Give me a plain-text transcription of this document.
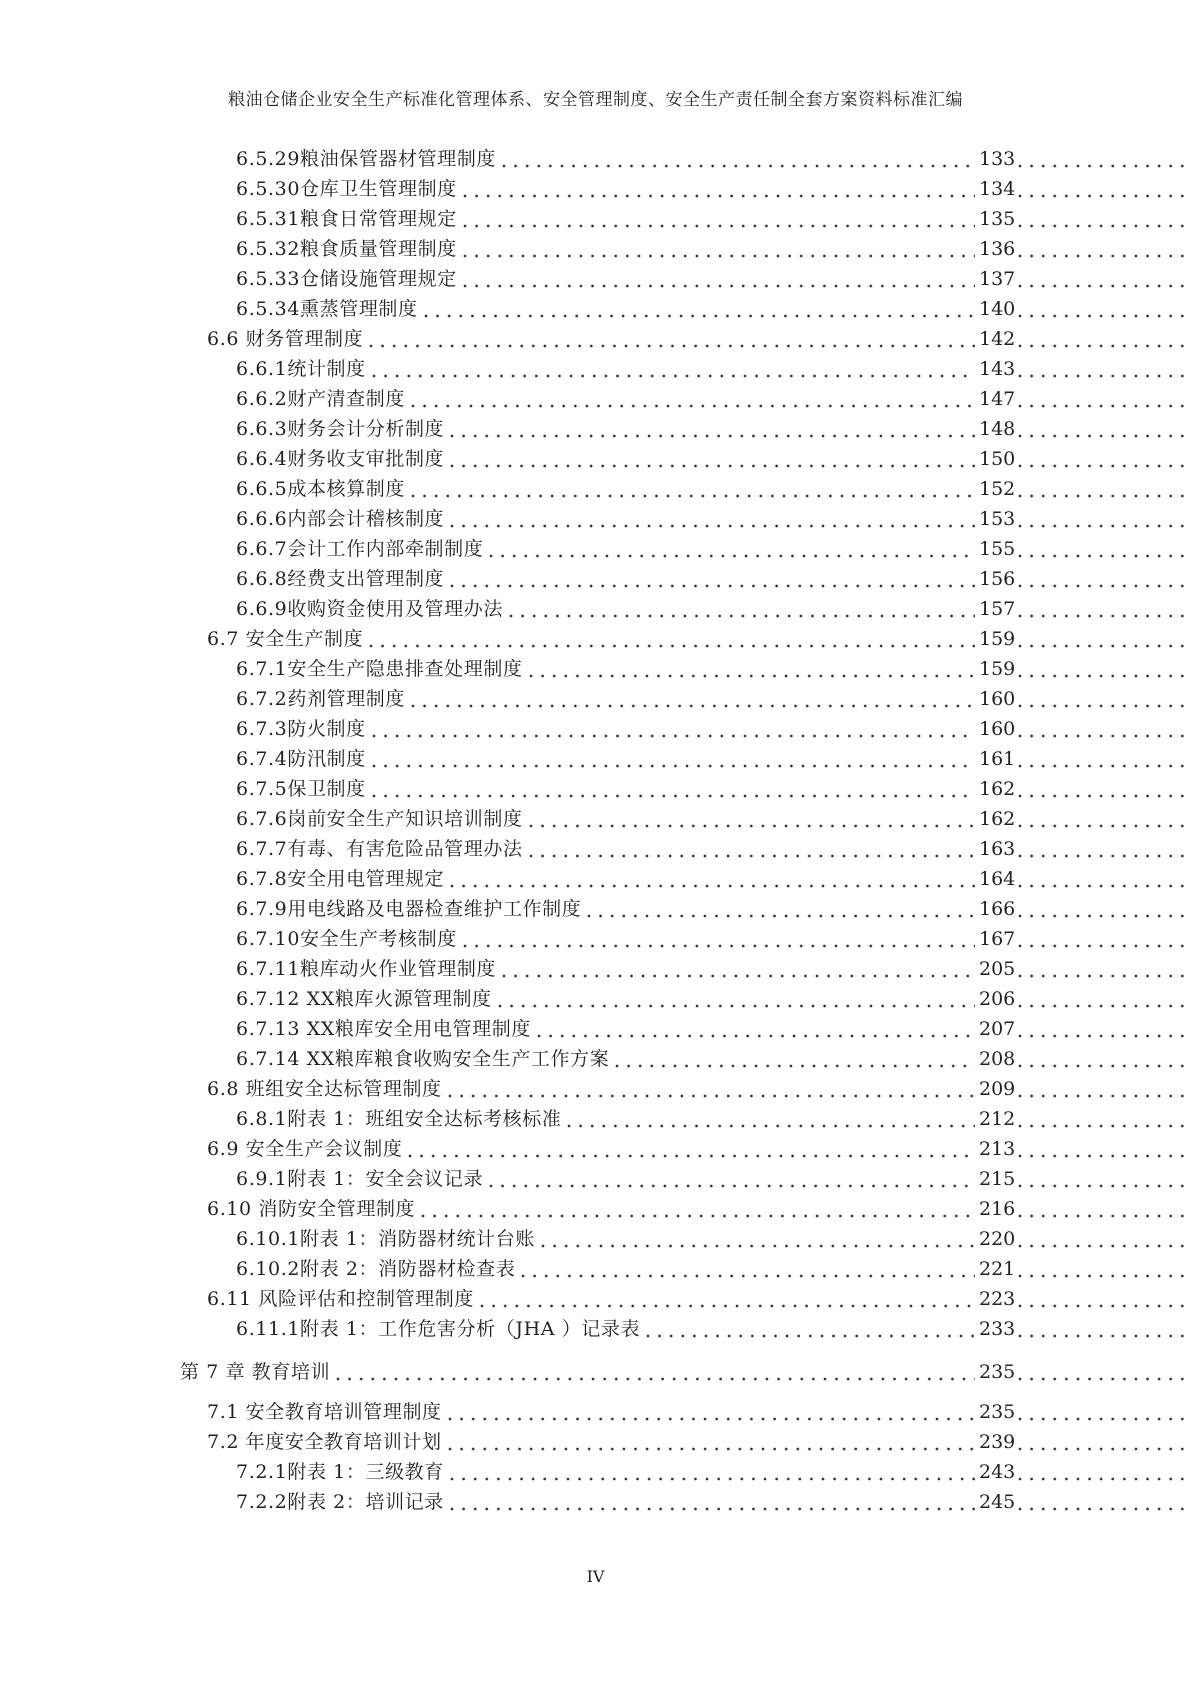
粮油仓储企业安全生产标准化管理体系、安全管理制度、安全生产责任制全套方案资料标准汇编
6.5.29粮油保管器材管理制度	133
6.5.30仓库卫生管理制度	134
6.5.31粮食日常管理规定	135
6.5.32粮食质量管理制度	136
6.5.33仓储设施管理规定	137
6.5.34熏蒸管理制度	140
6.6 财务管理制度	142
6.6.1统计制度	143
6.6.2财产清查制度	147
6.6.3财务会计分析制度	148
6.6.4财务收支审批制度	150
6.6.5成本核算制度	152
6.6.6内部会计稽核制度	153
6.6.7会计工作内部牵制制度	155
6.6.8经费支出管理制度	156
6.6.9收购资金使用及管理办法	157
6.7 安全生产制度	159
6.7.1安全生产隐患排查处理制度	159
6.7.2药剂管理制度	160
6.7.3防火制度	160
6.7.4防汛制度	161
6.7.5保卫制度	162
6.7.6岗前安全生产知识培训制度	162
6.7.7有毒、有害危险品管理办法	163
6.7.8安全用电管理规定	164
6.7.9用电线路及电器检查维护工作制度	166
6.7.10安全生产考核制度	167
6.7.11粮库动火作业管理制度	205
6.7.12 XX粮库火源管理制度	206
6.7.13 XX粮库安全用电管理制度	207
6.7.14 XX粮库粮食收购安全生产工作方案	208
6.8 班组安全达标管理制度	209
6.8.1附表 1：班组安全达标考核标准	212
6.9 安全生产会议制度	213
6.9.1附表 1：安全会议记录	215
6.10 消防安全管理制度	216
6.10.1附表 1：消防器材统计台账	220
6.10.2附表 2：消防器材检查表	221
6.11 风险评估和控制管理制度	223
6.11.1附表 1：工作危害分析（JHA ）记录表	233
第 7 章 教育培训	235
7.1 安全教育培训管理制度	235
7.2 年度安全教育培训计划	239
7.2.1附表 1：三级教育	243
7.2.2附表 2：培训记录	245
IV
